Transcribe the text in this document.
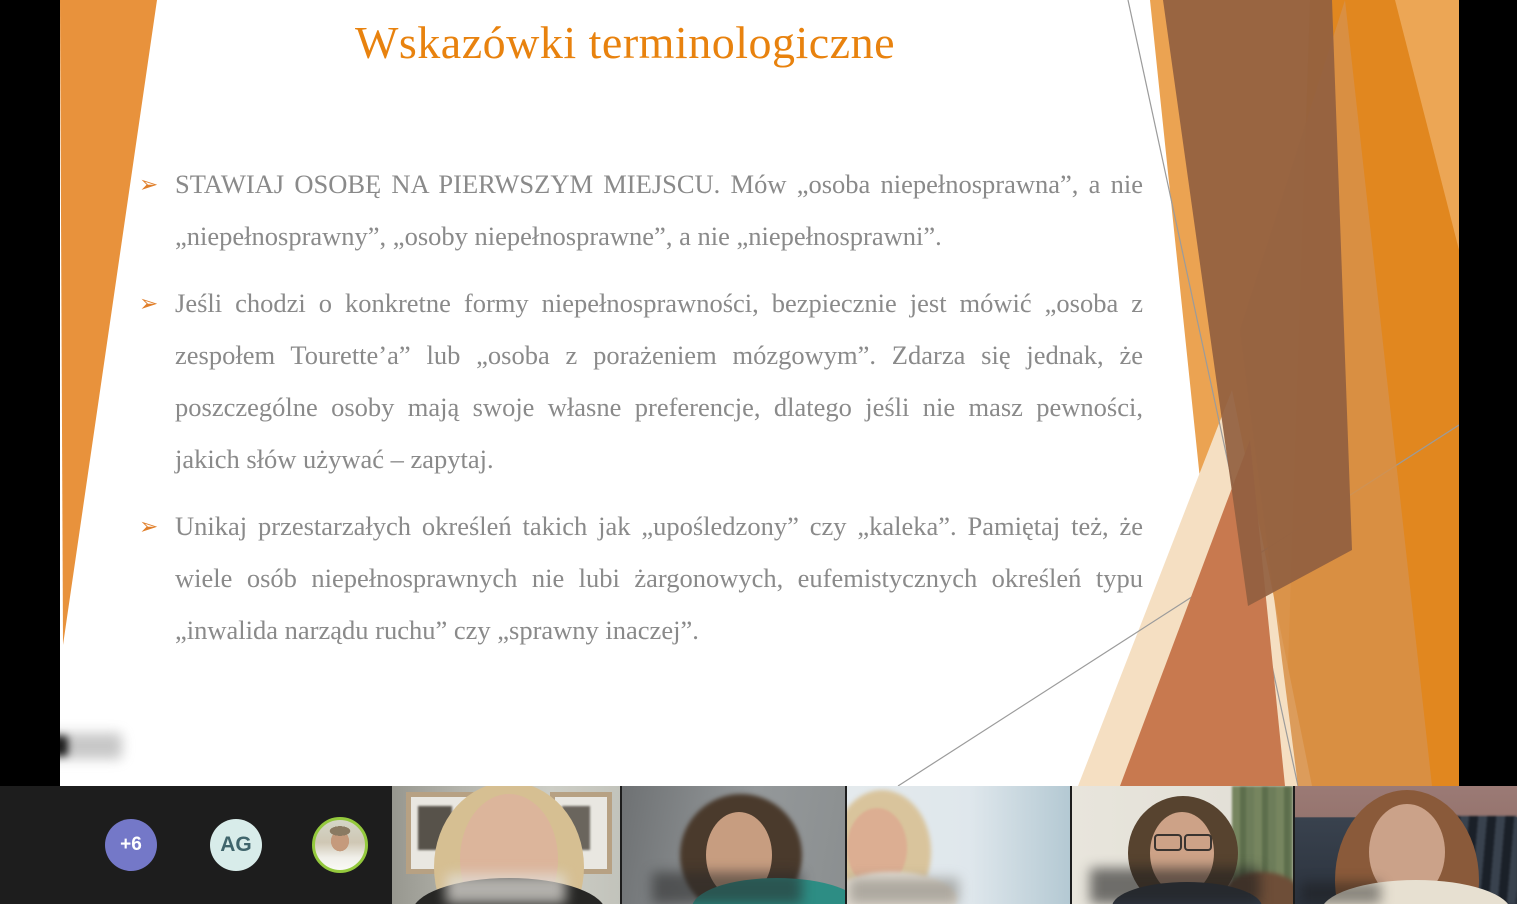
Wskazówki terminologiczne

➢ STAWIAJ OSOBĘ NA PIERWSZYM MIEJSCU. Mów „osoba niepełnosprawna”, a nie „niepełnosprawny”, „osoby niepełnosprawne”, a nie „niepełnosprawni”.

➢ Jeśli chodzi o konkretne formy niepełnosprawności, bezpiecznie jest mówić „osoba z zespołem Tourette’a” lub „osoba z porażeniem mózgowym”. Zdarza się jednak, że poszczególne osoby mają swoje własne preferencje, dlatego jeśli nie masz pewności, jakich słów używać – zapytaj.

➢ Unikaj przestarzałych określeń takich jak „upośledzony” czy „kaleka”. Pamiętaj też, że wiele osób niepełnosprawnych nie lubi żargonowych, eufemistycznych określeń typu „inwalida narządu ruchu” czy „sprawny inaczej”.

+6	AG
